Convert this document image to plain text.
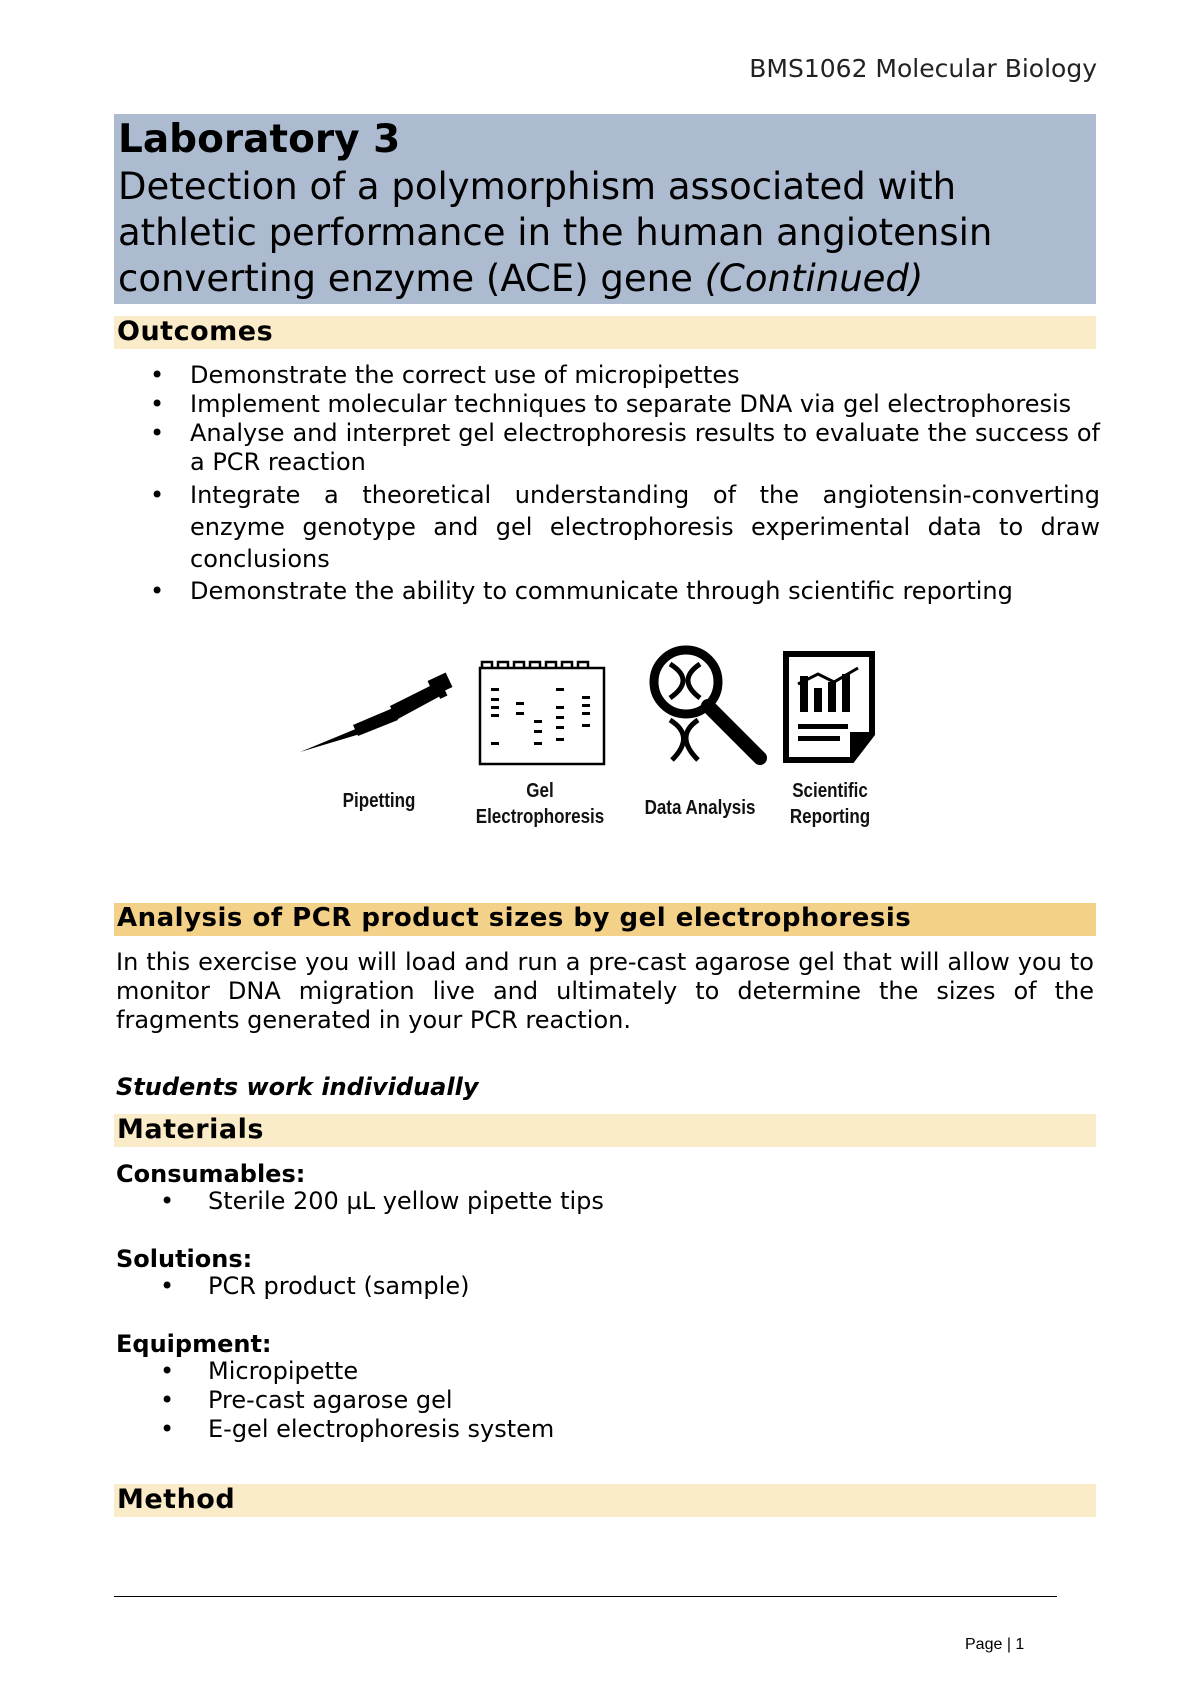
BMS1062 Molecular Biology
Laboratory 3
Detection of a polymorphism associated with athletic performance in the human angiotensin converting enzyme (ACE) gene (Continued)
Outcomes
• Demonstrate the correct use of micropipettes
• Implement molecular techniques to separate DNA via gel electrophoresis
• Analyse and interpret gel electrophoresis results to evaluate the success of a PCR reaction
• Integrate a theoretical understanding of the angiotensin-converting enzyme genotype and gel electrophoresis experimental data to draw conclusions
• Demonstrate the ability to communicate through scientific reporting
Pipetting	Gel
Electrophoresis	Data Analysis
Scientific
Reporting
Analysis of PCR product sizes by gel electrophoresis
In this exercise you will load and run a pre-cast agarose gel that will allow you to monitor DNA migration live and ultimately to determine the sizes of the fragments generated in your PCR reaction.
Students work individually
Materials
Consumables:
• Sterile 200 µL yellow pipette tips
Solutions:
• PCR product (sample)
Equipment:
• Micropipette
• Pre-cast agarose gel
• E-gel electrophoresis system
Method
Page | 1
